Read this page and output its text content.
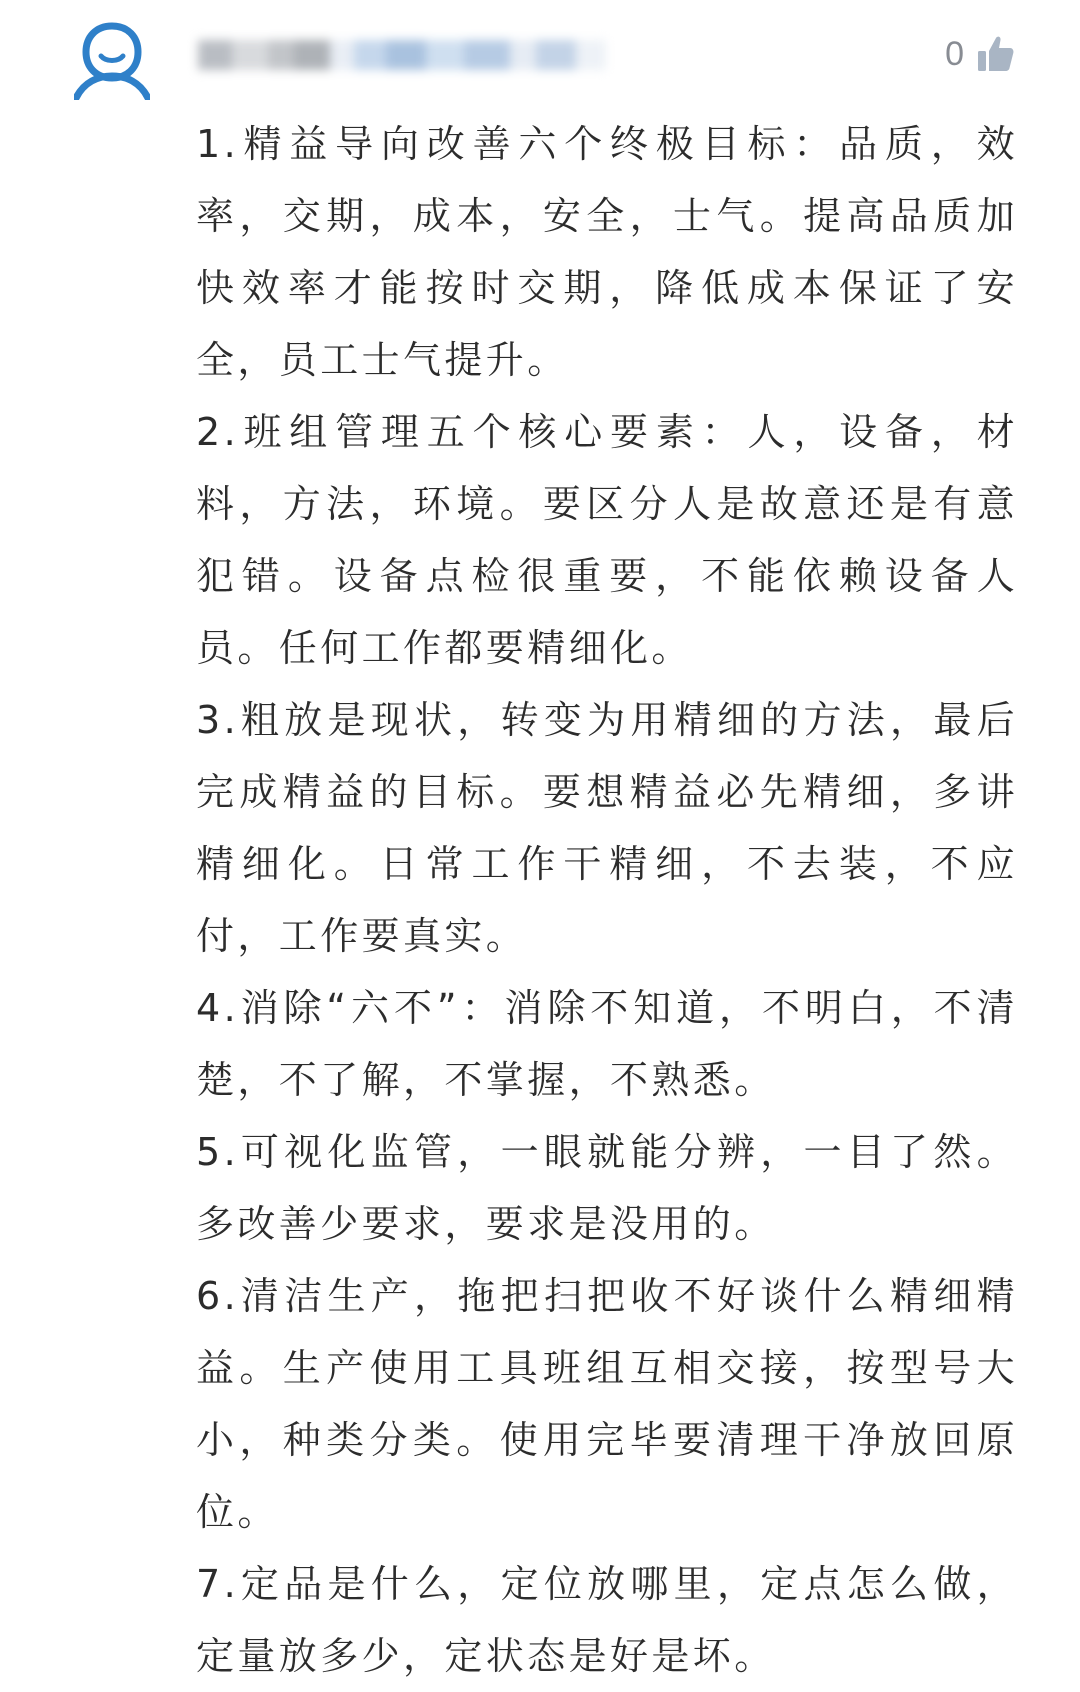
0

1.精益导向改善六个终极目标：品质，效率，交期，成本，安全，士气。提高品质加快效率才能按时交期，降低成本保证了安全，员工士气提升。

2.班组管理五个核心要素：人，设备，材料，方法，环境。要区分人是故意还是有意犯错。设备点检很重要，不能依赖设备人员。任何工作都要精细化。

3.粗放是现状，转变为用精细的方法，最后完成精益的目标。要想精益必先精细，多讲精细化。日常工作干精细，不去装，不应付，工作要真实。

4.消除“六不”：消除不知道，不明白，不清楚，不了解，不掌握，不熟悉。

5.可视化监管，一眼就能分辨，一目了然。多改善少要求，要求是没用的。

6.清洁生产，拖把扫把收不好谈什么精细精益。生产使用工具班组互相交接，按型号大小，种类分类。使用完毕要清理干净放回原位。

7.定品是什么，定位放哪里，定点怎么做，定量放多少，定状态是好是坏。
